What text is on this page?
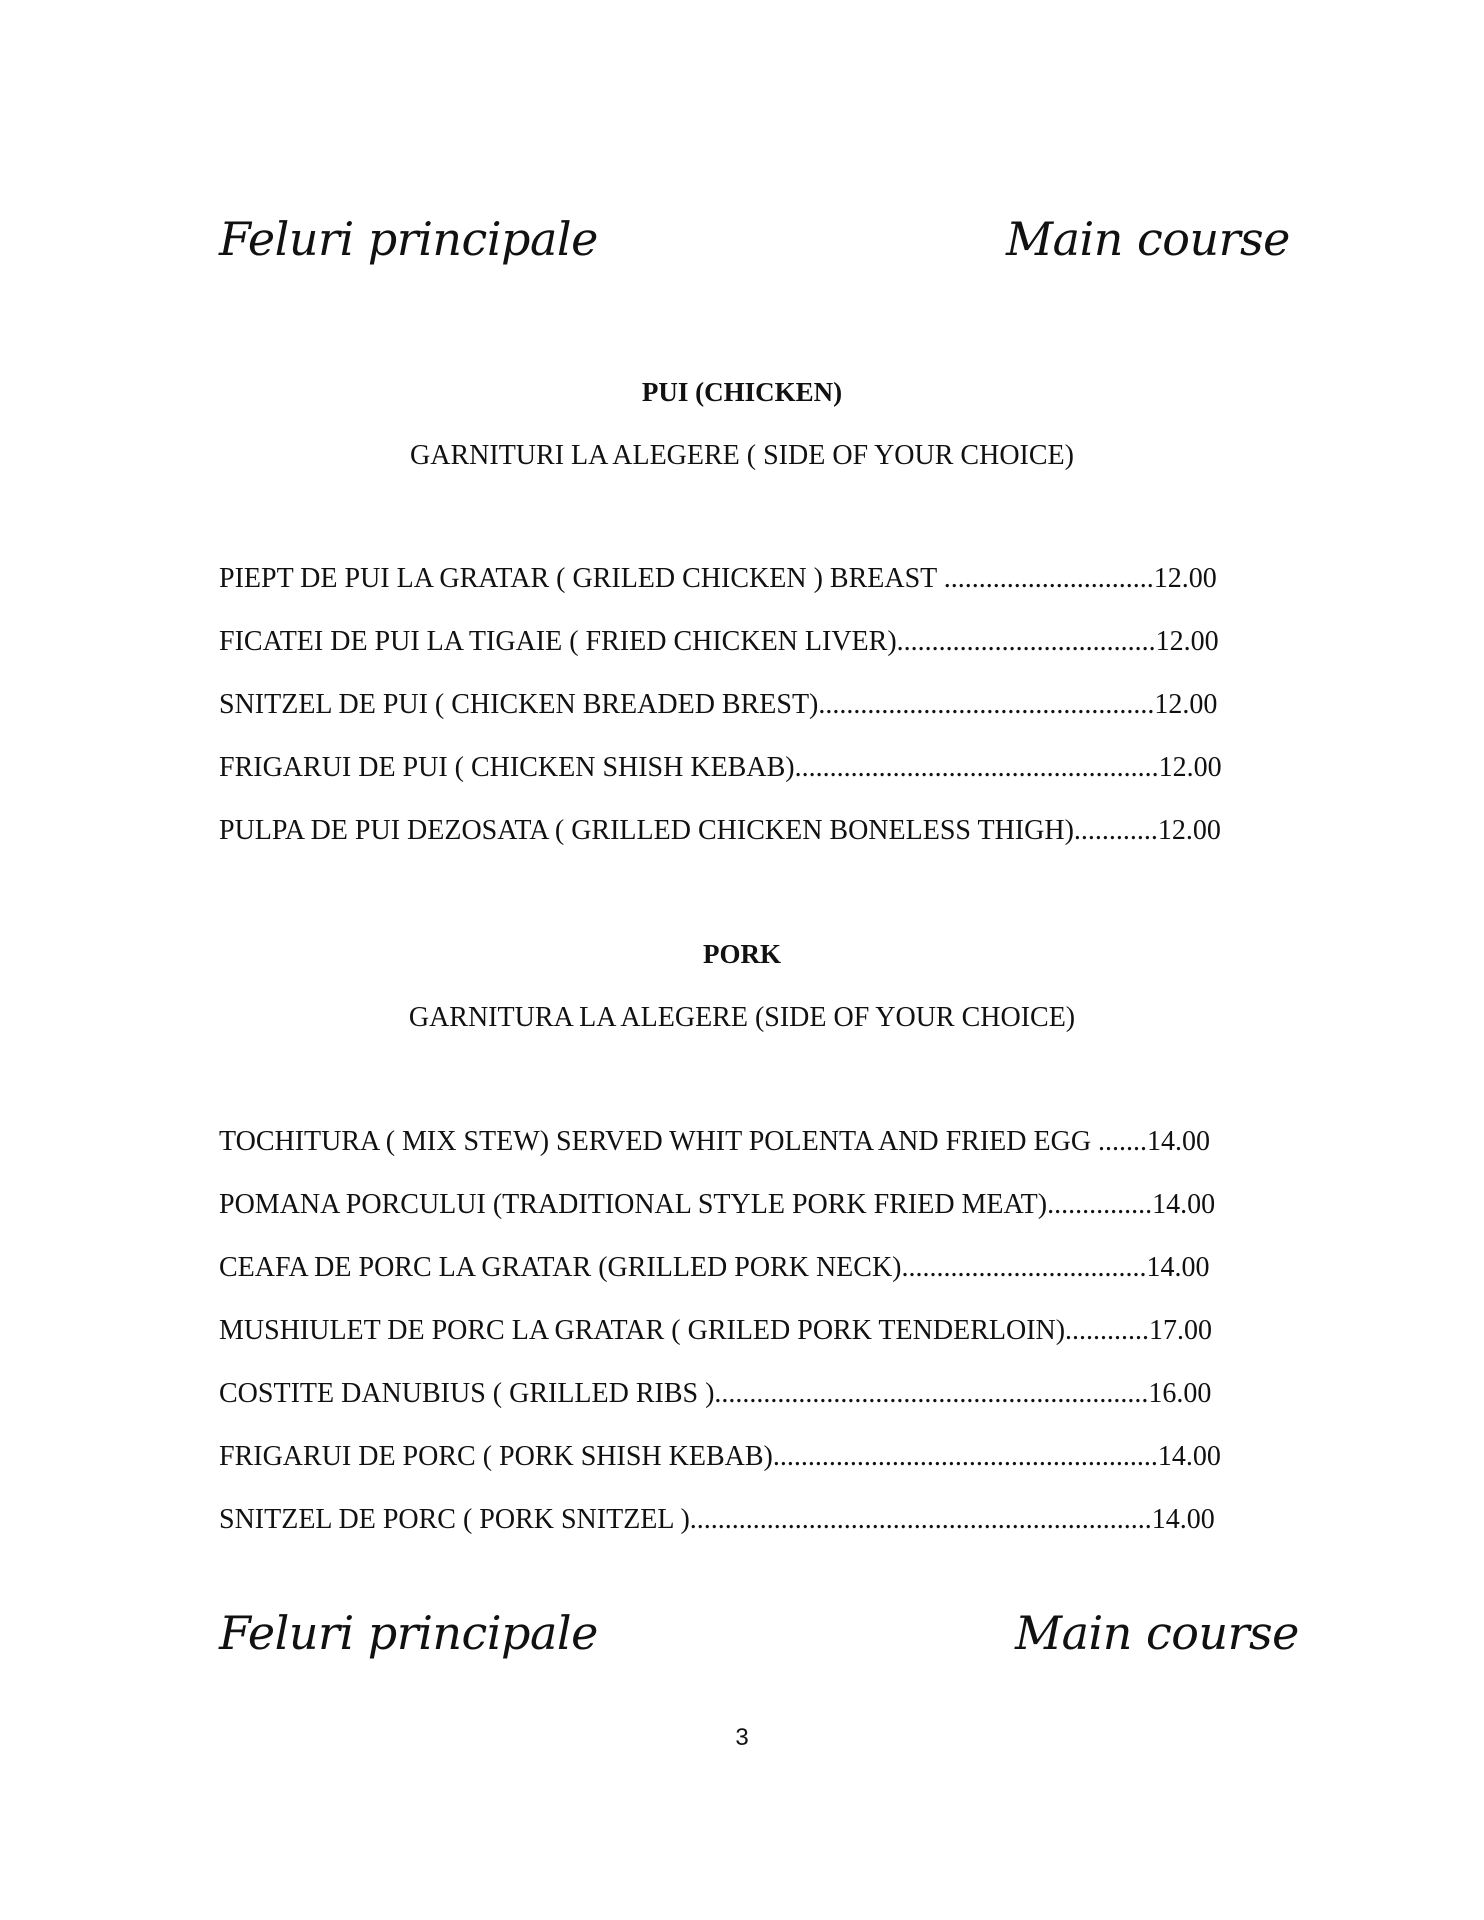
Feluri principale	Main course
PUI (CHICKEN)
GARNITURI LA ALEGERE ( SIDE OF YOUR CHOICE)
PIEPT DE PUI LA GRATAR ( GRILED CHICKEN ) BREAST ..............................12.00
FICATEI DE PUI LA TIGAIE ( FRIED CHICKEN LIVER).....................................12.00
SNITZEL DE PUI ( CHICKEN BREADED BREST)................................................12.00
FRIGARUI DE PUI ( CHICKEN SHISH KEBAB)....................................................12.00
PULPA DE PUI DEZOSATA ( GRILLED CHICKEN BONELESS THIGH)............12.00
PORK
GARNITURA LA ALEGERE (SIDE OF YOUR CHOICE)
TOCHITURA ( MIX STEW) SERVED WHIT POLENTA AND FRIED EGG .......14.00
POMANA PORCULUI (TRADITIONAL STYLE PORK FRIED MEAT)...............14.00
CEAFA DE PORC LA GRATAR (GRILLED PORK NECK)...................................14.00
MUSHIULET DE PORC LA GRATAR ( GRILED PORK TENDERLOIN)............17.00
COSTITE DANUBIUS ( GRILLED RIBS )..............................................................16.00
FRIGARUI DE PORC ( PORK SHISH KEBAB).......................................................14.00
SNITZEL DE PORC ( PORK SNITZEL )..................................................................14.00
Feluri principale	Main course
3
